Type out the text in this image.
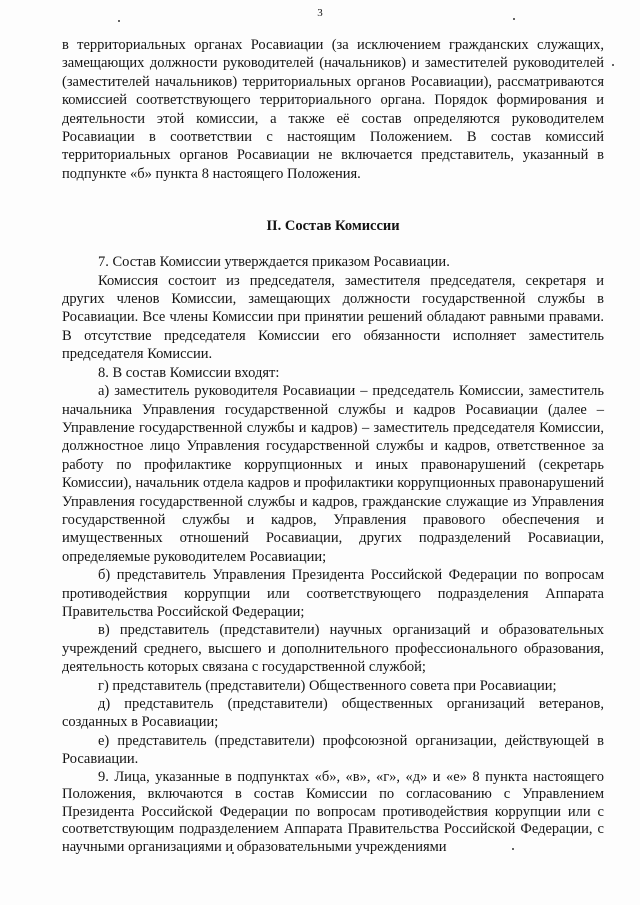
3

в территориальных органах Росавиации (за исключением гражданских служащих, замещающих должности руководителей (начальников) и заместителей руководителей (заместителей начальников) территориальных органов Росавиации), рассматриваются комиссией соответствующего территориального органа. Порядок формирования и деятельности этой комиссии, а также её состав определяются руководителем Росавиации в соответствии с настоящим Положением. В состав комиссий территориальных органов Росавиации не включается представитель, указанный в подпункте «б» пункта 8 настоящего Положения.

II. Состав Комиссии

7. Состав Комиссии утверждается приказом Росавиации.

Комиссия состоит из председателя, заместителя председателя, секретаря и других членов Комиссии, замещающих должности государственной службы в Росавиации. Все члены Комиссии при принятии решений обладают равными правами. В отсутствие председателя Комиссии его обязанности исполняет заместитель председателя Комиссии.

8. В состав Комиссии входят:

а) заместитель руководителя Росавиации – председатель Комиссии, заместитель начальника Управления государственной службы и кадров Росавиации (далее – Управление государственной службы и кадров) – заместитель председателя Комиссии, должностное лицо Управления государственной службы и кадров, ответственное за работу по профилактике коррупционных и иных правонарушений (секретарь Комиссии), начальник отдела кадров и профилактики коррупционных правонарушений Управления государственной службы и кадров, гражданские служащие из Управления государственной службы и кадров, Управления правового обеспечения и имущественных отношений Росавиации, других подразделений Росавиации, определяемые руководителем Росавиации;

б) представитель Управления Президента Российской Федерации по вопросам противодействия коррупции или соответствующего подразделения Аппарата Правительства Российской Федерации;

в) представитель (представители) научных организаций и образовательных учреждений среднего, высшего и дополнительного профессионального образования, деятельность которых связана с государственной службой;

г) представитель (представители) Общественного совета при Росавиации;

д) представитель (представители) общественных организаций ветеранов, созданных в Росавиации;

е) представитель (представители) профсоюзной организации, действующей в Росавиации.

9. Лица, указанные в подпунктах «б», «в», «г», «д» и «е» 8 пункта настоящего Положения, включаются в состав Комиссии по согласованию с Управлением Президента Российской Федерации по вопросам противодействия коррупции или с соответствующим подразделением Аппарата Правительства Российской Федерации, с научными организациями и образовательными учреждениями
